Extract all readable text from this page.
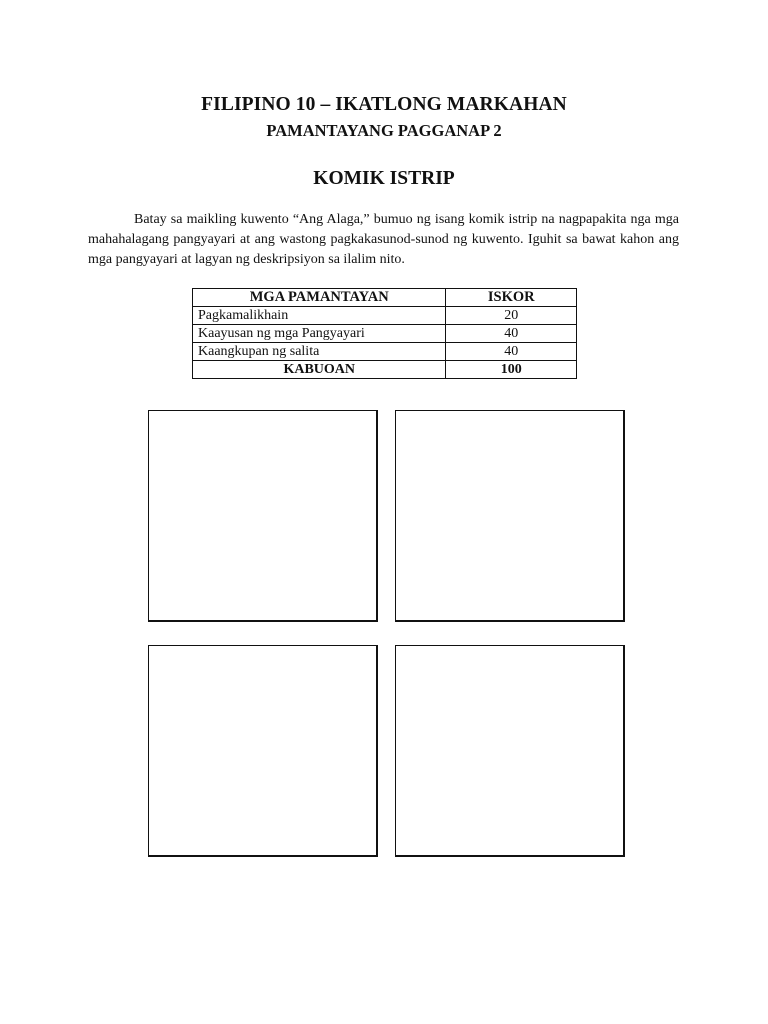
FILIPINO 10 – IKATLONG MARKAHAN
PAMANTAYANG PAGGANAP 2
KOMIK ISTRIP

Batay sa maikling kuwento “Ang Alaga,” bumuo ng isang komik istrip na nagpapakita nga mga mahahalagang pangyayari at ang wastong pagkakasunod-sunod ng kuwento. Iguhit sa bawat kahon ang mga pangyayari at lagyan ng deskripsiyon sa ilalim nito.

MGA PAMANTAYAN	ISKOR
Pagkamalikhain	20
Kaayusan ng mga Pangyayari	40
Kaangkupan ng salita	40
KABUOAN	100
